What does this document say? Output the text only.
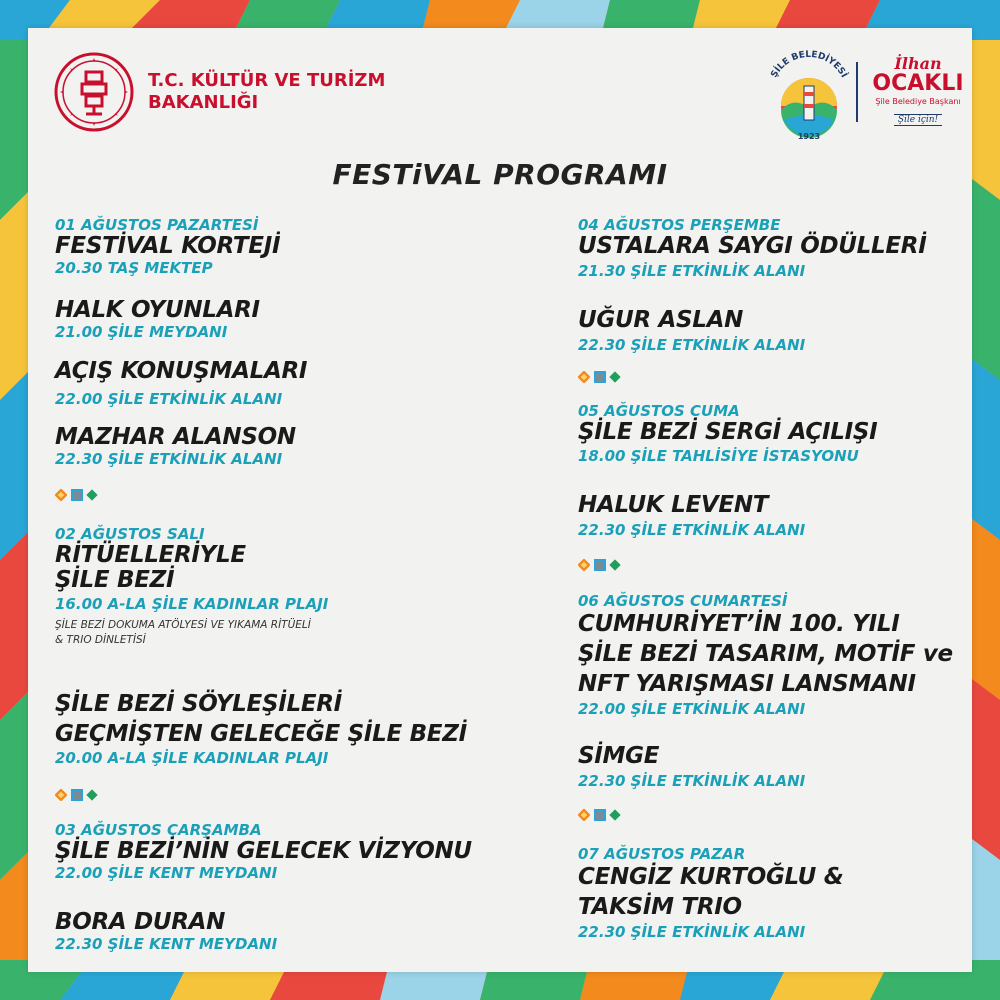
T.C. KÜLTÜR VE TURİZM
BAKANLIĞI
ŞİLE BELEDİYESİ
1923
İlhan
OCAKLI
Şile Belediye Başkanı
Şile için!
FESTiVAL PROGRAMI
01 AĞUSTOS PAZARTESİ
FESTİVAL KORTEJİ
20.30 TAŞ MEKTEP
HALK OYUNLARI
21.00 ŞİLE MEYDANI
AÇIŞ KONUŞMALARI
22.00 ŞİLE ETKİNLİK ALANI
MAZHAR ALANSON
22.30 ŞİLE ETKİNLİK ALANI
02 AĞUSTOS SALI
RİTÜELLERİYLE
ŞİLE BEZİ
16.00 A-LA ŞİLE KADINLAR PLAJI
ŞİLE BEZİ DOKUMA ATÖLYESİ VE YIKAMA RİTÜELİ
& TRIO DİNLETİSİ
ŞİLE BEZİ SÖYLEŞİLERİ
GEÇMİŞTEN GELECEĞE ŞİLE BEZİ
20.00 A-LA ŞİLE KADINLAR PLAJI
03 AĞUSTOS ÇARŞAMBA
ŞİLE BEZİ’NİN GELECEK VİZYONU
22.00 ŞİLE KENT MEYDANI
BORA DURAN
22.30 ŞİLE KENT MEYDANI
04 AĞUSTOS PERŞEMBE
USTALARA SAYGI ÖDÜLLERİ
21.30 ŞİLE ETKİNLİK ALANI
UĞUR ASLAN
22.30 ŞİLE ETKİNLİK ALANI
05 AĞUSTOS CUMA
ŞİLE BEZİ SERGİ AÇILIŞI
18.00 ŞİLE TAHLİSİYE İSTASYONU
HALUK LEVENT
22.30 ŞİLE ETKİNLİK ALANI
06 AĞUSTOS CUMARTESİ
CUMHURİYET’İN 100. YILI
ŞİLE BEZİ TASARIM, MOTİF ve
NFT YARIŞMASI LANSMANI
22.00 ŞİLE ETKİNLİK ALANI
SİMGE
22.30 ŞİLE ETKİNLİK ALANI
07 AĞUSTOS PAZAR
CENGİZ KURTOĞLU &
TAKSİM TRIO
22.30 ŞİLE ETKİNLİK ALANI
